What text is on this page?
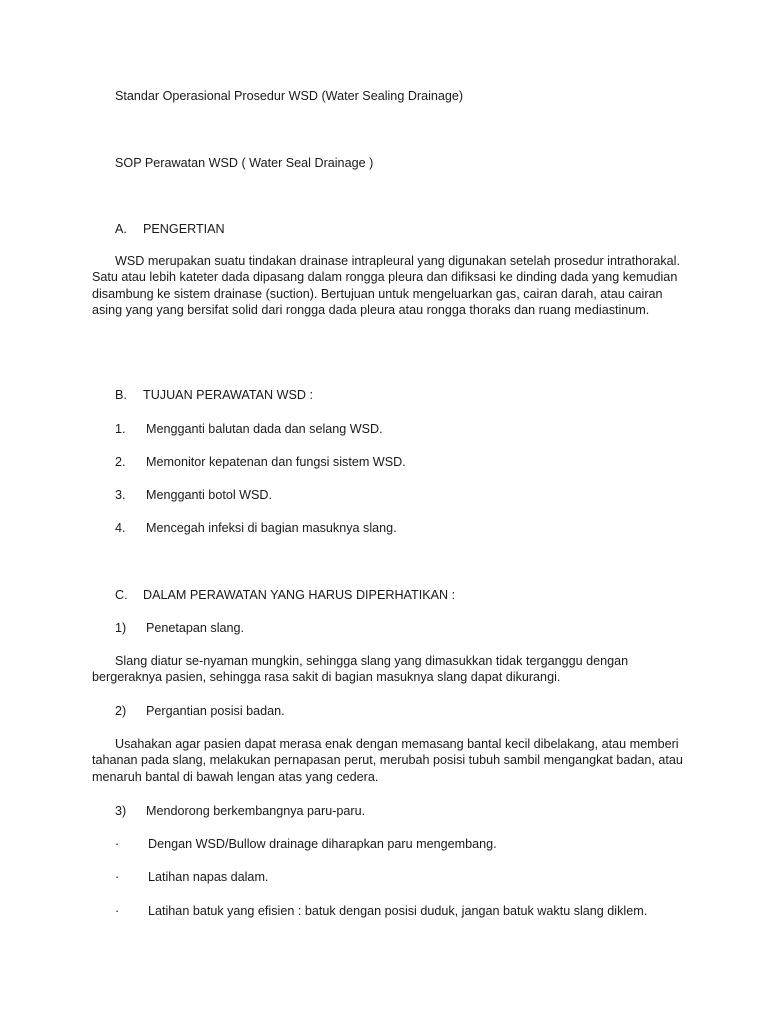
Standar Operasional Prosedur WSD (Water Sealing Drainage)
SOP Perawatan WSD ( Water Seal Drainage )
A. PENGERTIAN
WSD merupakan suatu tindakan drainase intrapleural yang digunakan setelah prosedur intrathorakal. Satu atau lebih kateter dada dipasang dalam rongga pleura dan difiksasi ke dinding dada yang kemudian disambung ke sistem drainase (suction). Bertujuan untuk mengeluarkan gas, cairan darah, atau cairan asing yang yang bersifat solid dari rongga dada pleura atau rongga thoraks dan ruang mediastinum.
B. TUJUAN PERAWATAN WSD :
1. Mengganti balutan dada dan selang WSD.
2. Memonitor kepatenan dan fungsi sistem WSD.
3. Mengganti botol WSD.
4. Mencegah infeksi di bagian masuknya slang.
C. DALAM PERAWATAN YANG HARUS DIPERHATIKAN :
1) Penetapan slang.
Slang diatur se-nyaman mungkin, sehingga slang yang dimasukkan tidak terganggu dengan bergeraknya pasien, sehingga rasa sakit di bagian masuknya slang dapat dikurangi.
2) Pergantian posisi badan.
Usahakan agar pasien dapat merasa enak dengan memasang bantal kecil dibelakang, atau memberi tahanan pada slang, melakukan pernapasan perut, merubah posisi tubuh sambil mengangkat badan, atau menaruh bantal di bawah lengan atas yang cedera.
3) Mendorong berkembangnya paru-paru.
· Dengan WSD/Bullow drainage diharapkan paru mengembang.
· Latihan napas dalam.
· Latihan batuk yang efisien : batuk dengan posisi duduk, jangan batuk waktu slang diklem.
